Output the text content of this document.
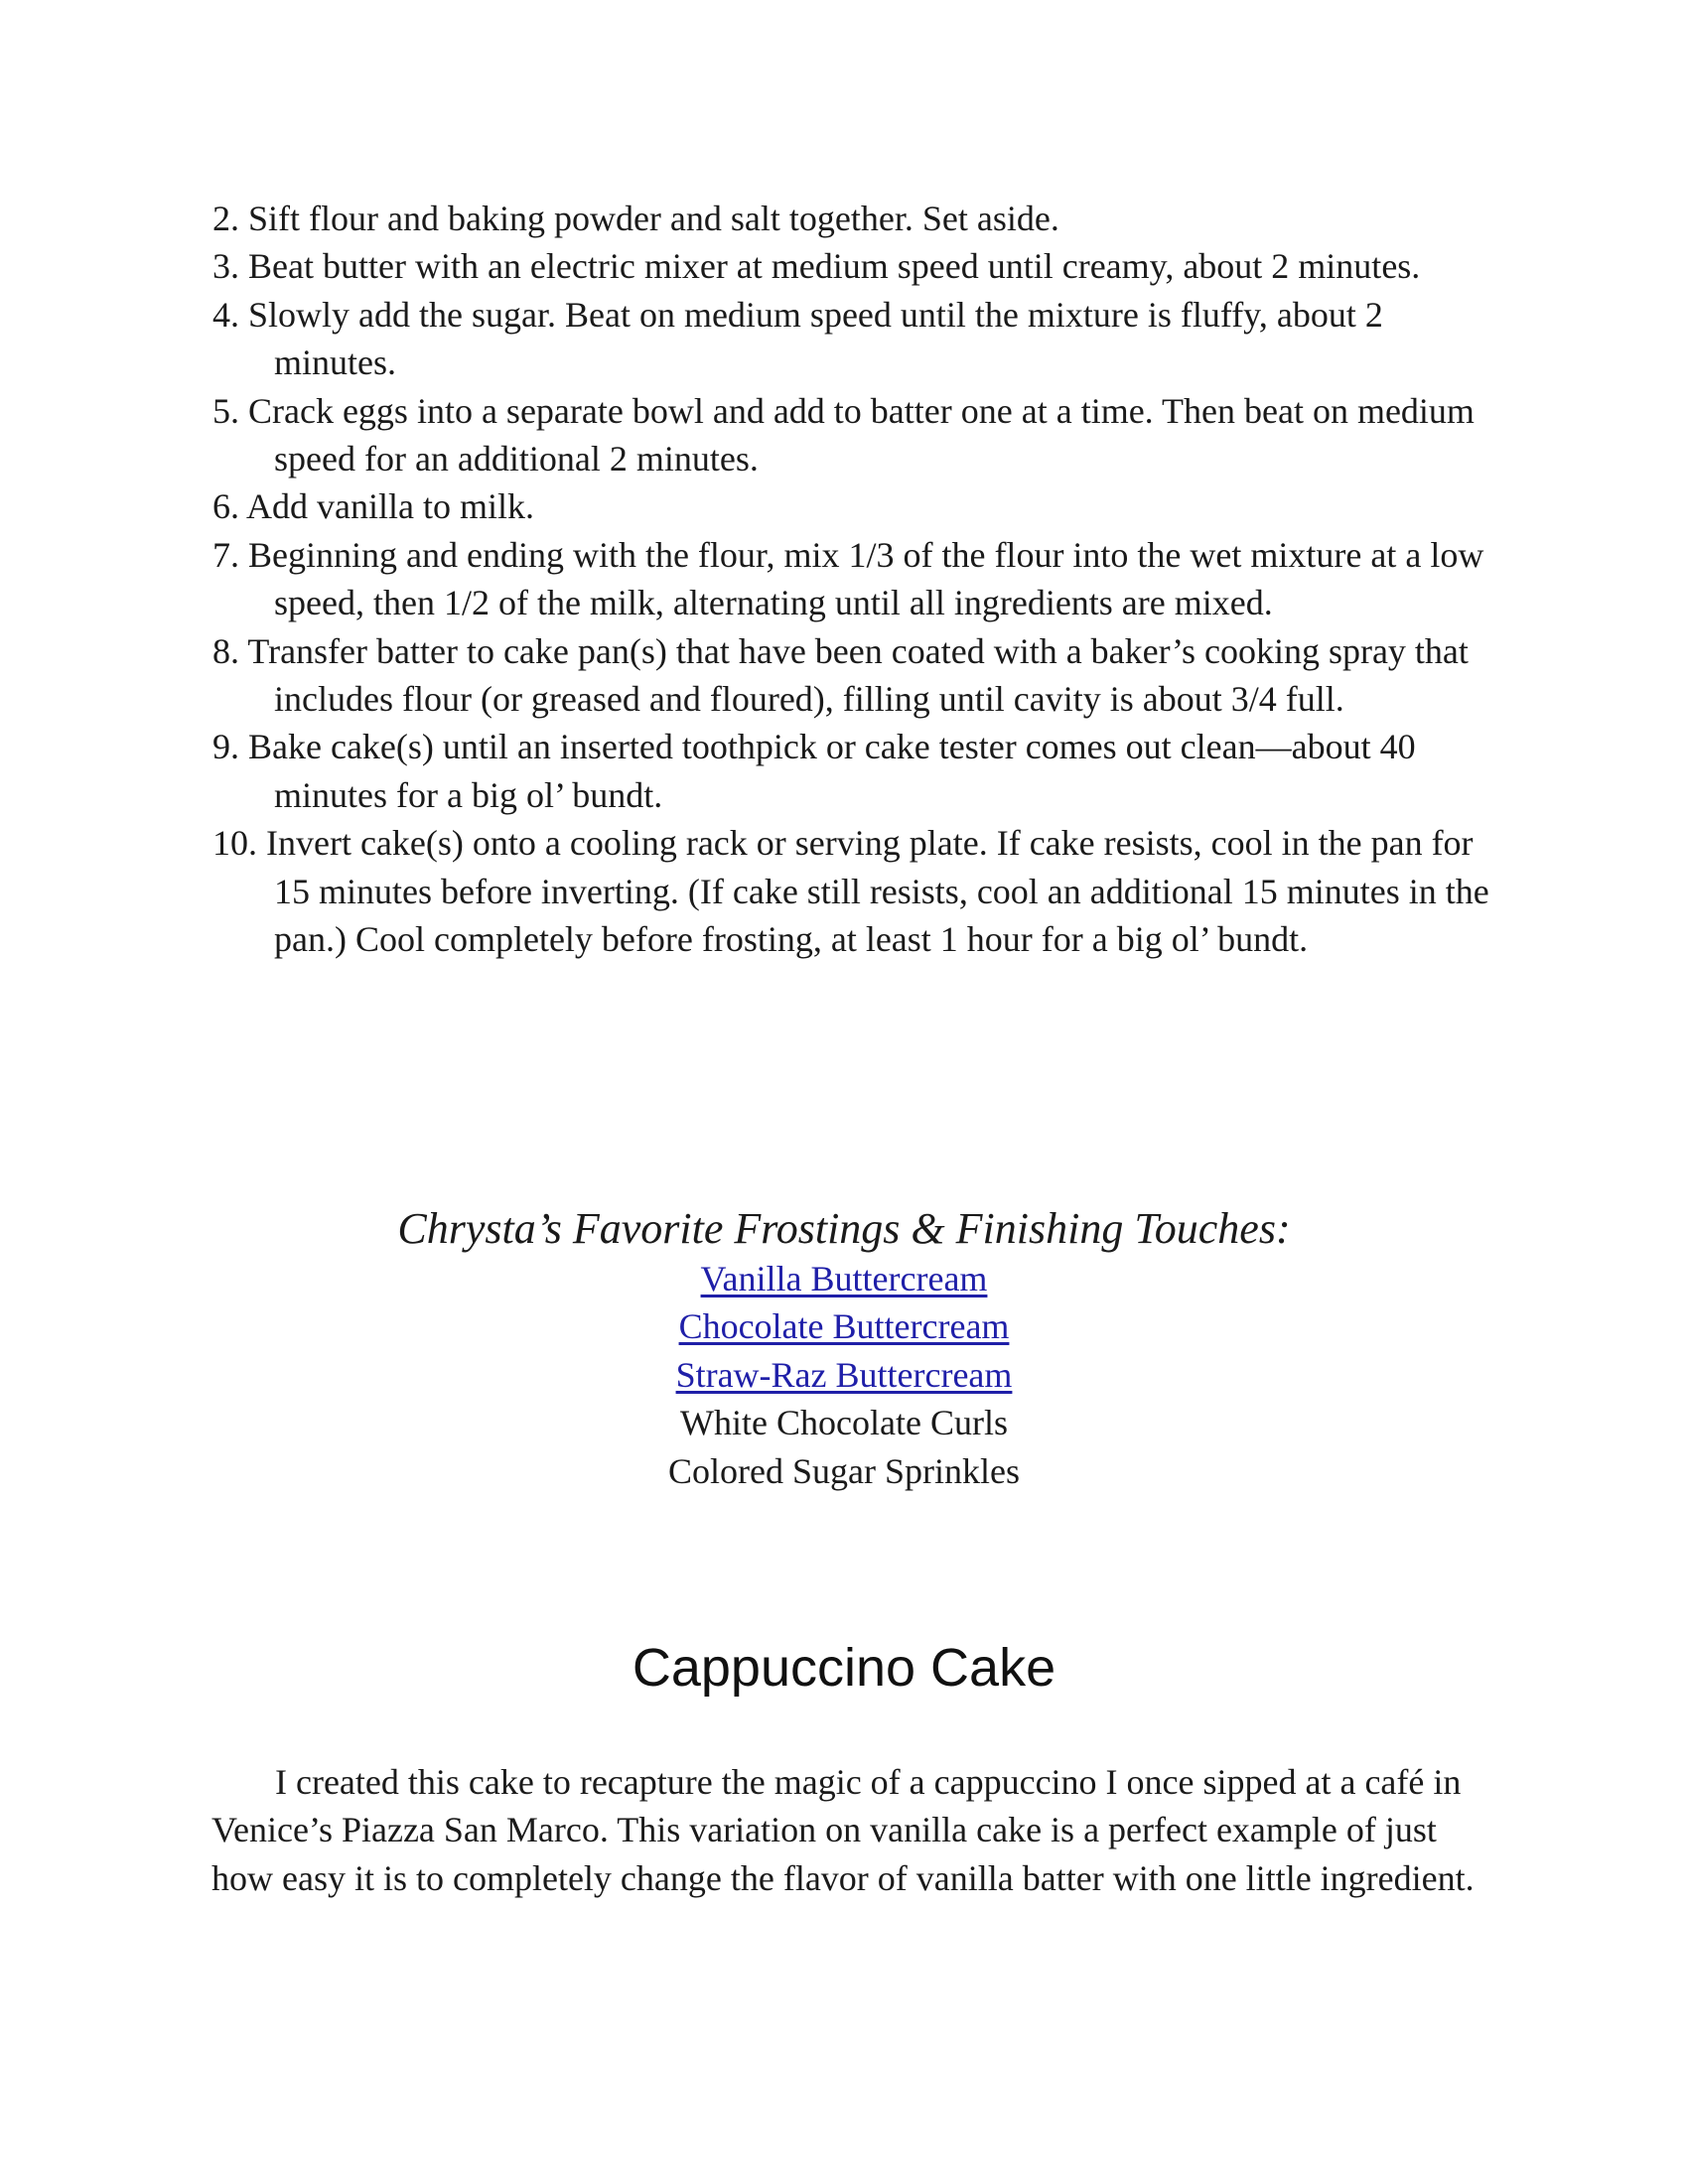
2. Sift flour and baking powder and salt together. Set aside.
3. Beat butter with an electric mixer at medium speed until creamy, about 2 minutes.
4. Slowly add the sugar. Beat on medium speed until the mixture is fluffy, about 2 minutes.
5. Crack eggs into a separate bowl and add to batter one at a time. Then beat on medium speed for an additional 2 minutes.
6. Add vanilla to milk.
7. Beginning and ending with the flour, mix 1/3 of the flour into the wet mixture at a low speed, then 1/2 of the milk, alternating until all ingredients are mixed.
8. Transfer batter to cake pan(s) that have been coated with a baker’s cooking spray that includes flour (or greased and floured), filling until cavity is about 3/4 full.
9. Bake cake(s) until an inserted toothpick or cake tester comes out clean—about 40 minutes for a big ol’ bundt.
10. Invert cake(s) onto a cooling rack or serving plate. If cake resists, cool in the pan for 15 minutes before inverting. (If cake still resists, cool an additional 15 minutes in the pan.) Cool completely before frosting, at least 1 hour for a big ol’ bundt.
Chrysta’s Favorite Frostings & Finishing Touches:
Vanilla Buttercream
Chocolate Buttercream
Straw-Raz Buttercream
White Chocolate Curls
Colored Sugar Sprinkles
Cappuccino Cake

I created this cake to recapture the magic of a cappuccino I once sipped at a café in Venice’s Piazza San Marco. This variation on vanilla cake is a perfect example of just how easy it is to completely change the flavor of vanilla batter with one little ingredient.
